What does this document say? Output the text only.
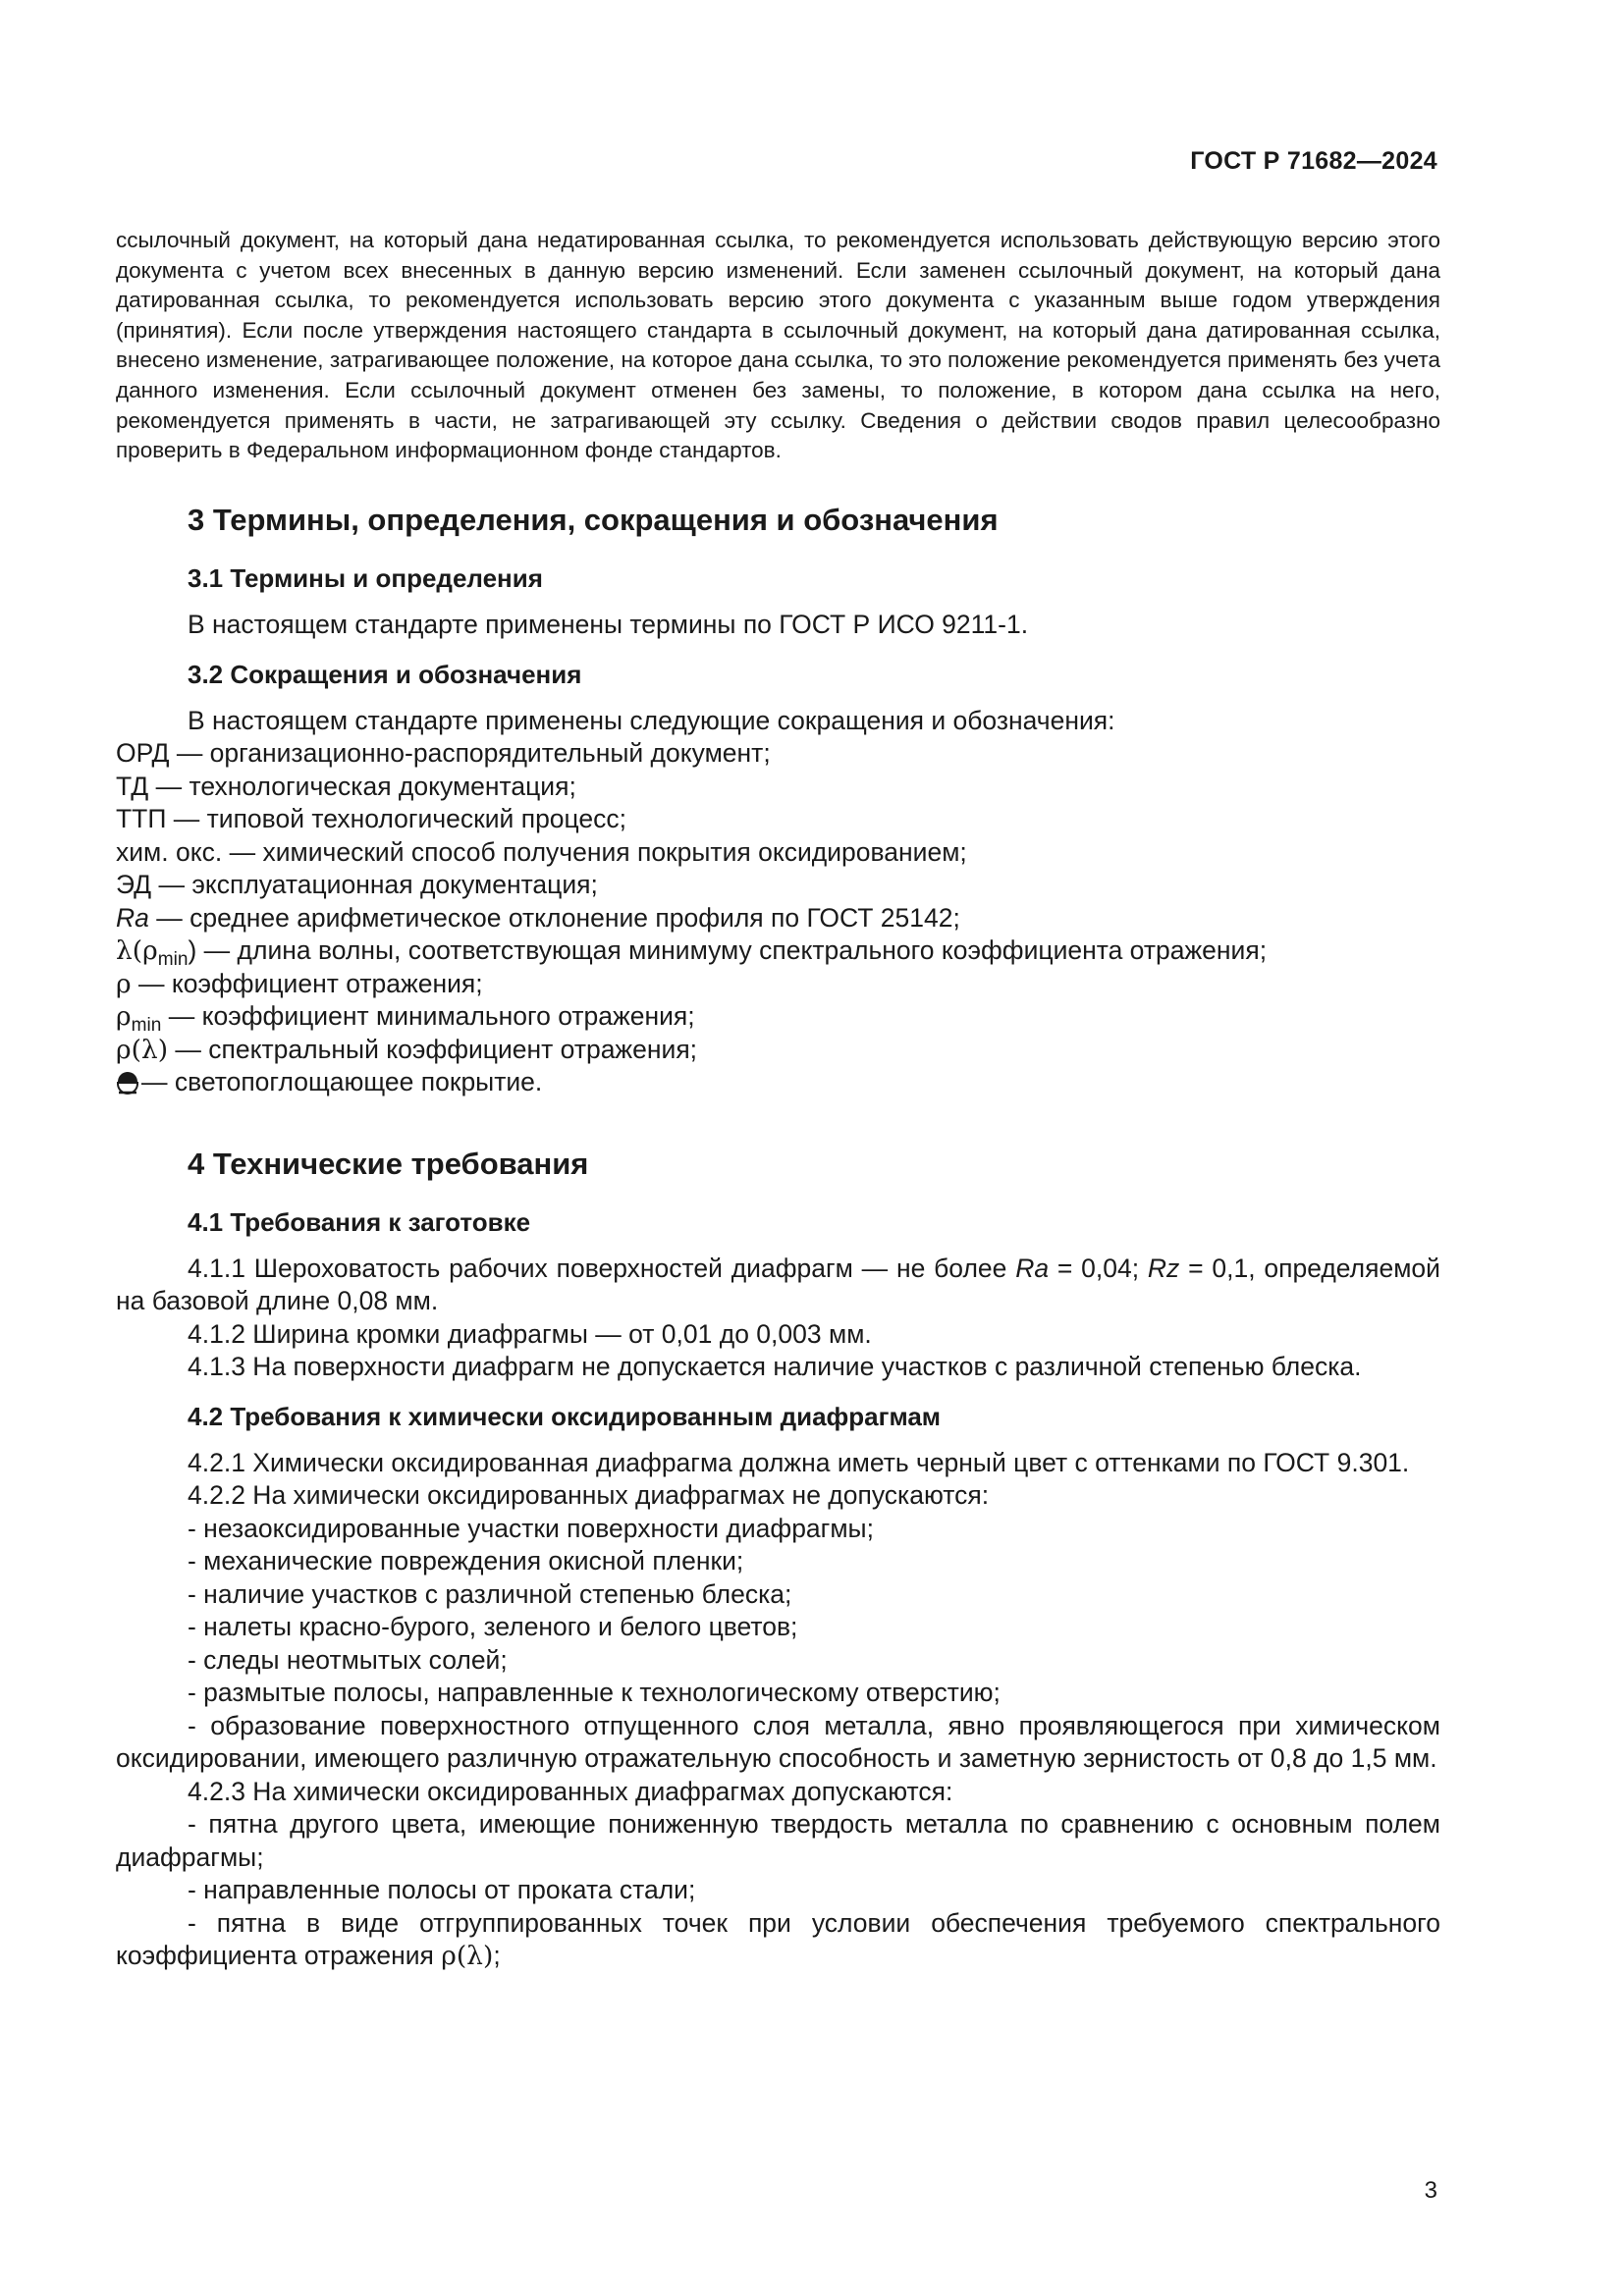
ГОСТ Р 71682—2024

ссылочный документ, на который дана недатированная ссылка, то рекомендуется использовать действующую версию этого документа с учетом всех внесенных в данную версию изменений. Если заменен ссылочный документ, на который дана датированная ссылка, то рекомендуется использовать версию этого документа с указанным выше годом утверждения (принятия). Если после утверждения настоящего стандарта в ссылочный документ, на который дана датированная ссылка, внесено изменение, затрагивающее положение, на которое дана ссылка, то это положение рекомендуется применять без учета данного изменения. Если ссылочный документ отменен без замены, то положение, в котором дана ссылка на него, рекомендуется применять в части, не затрагивающей эту ссылку. Сведения о действии сводов правил целесообразно проверить в Федеральном информационном фонде стандартов.

3 Термины, определения, сокращения и обозначения
3.1 Термины и определения

В настоящем стандарте применены термины по ГОСТ Р ИСО 9211-1.

3.2 Сокращения и обозначения

В настоящем стандарте применены следующие сокращения и обозначения:

ОРД — организационно-распорядительный документ;

ТД — технологическая документация;

ТТП — типовой технологический процесс;

хим. окс. — химический способ получения покрытия оксидированием;

ЭД — эксплуатационная документация;

Ra — среднее арифметическое отклонение профиля по ГОСТ 25142;

$\lambda(\rho_{min})$ — длина волны, соответствующая минимуму спектрального коэффициента отражения;

ρ — коэффициент отражения;

$\rho_{min}$ — коэффициент минимального отражения;

ρ(λ) — спектральный коэффициент отражения;

— светопоглощающее покрытие.

4 Технические требования
4.1 Требования к заготовке

4.1.1 Шероховатость рабочих поверхностей диафрагм — не более Ra = 0,04; Rz = 0,1, определяемой на базовой длине 0,08 мм.

4.1.2 Ширина кромки диафрагмы — от 0,01 до 0,003 мм.

4.1.3 На поверхности диафрагм не допускается наличие участков с различной степенью блеска.

4.2 Требования к химически оксидированным диафрагмам

4.2.1 Химически оксидированная диафрагма должна иметь черный цвет с оттенками по ГОСТ 9.301.

4.2.2 На химически оксидированных диафрагмах не допускаются:

- незаоксидированные участки поверхности диафрагмы;

- механические повреждения окисной пленки;

- наличие участков с различной степенью блеска;

- налеты красно-бурого, зеленого и белого цветов;

- следы неотмытых солей;

- размытые полосы, направленные к технологическому отверстию;

- образование поверхностного отпущенного слоя металла, явно проявляющегося при химическом оксидировании, имеющего различную отражательную способность и заметную зернистость от 0,8 до 1,5 мм.

4.2.3 На химически оксидированных диафрагмах допускаются:

- пятна другого цвета, имеющие пониженную твердость металла по сравнению с основным полем диафрагмы;

- направленные полосы от проката стали;

- пятна в виде отгруппированных точек при условии обеспечения требуемого спектрального коэффициента отражения ρ(λ);

3
